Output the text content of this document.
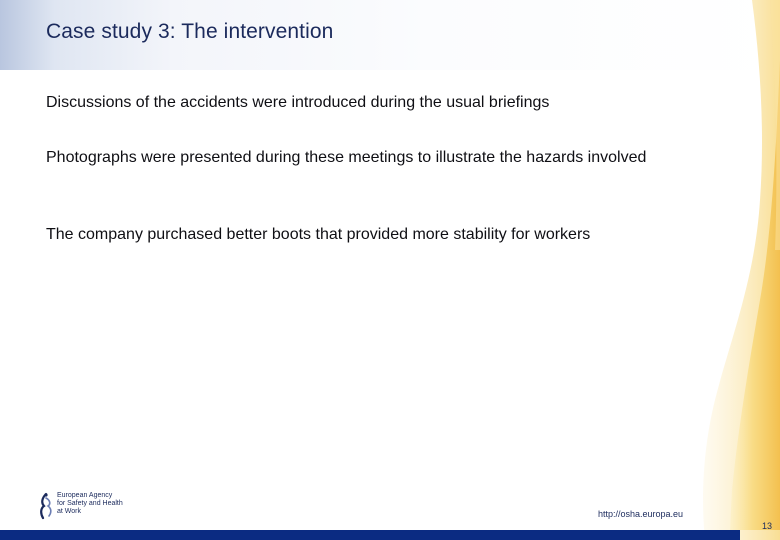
Case study 3: The intervention
Discussions of the accidents were introduced during the usual briefings
Photographs were presented during these meetings to illustrate the hazards involved
The company purchased better boots that provided more stability for workers
European Agency
for Safety and Health
at Work	http://osha.europa.eu
13
